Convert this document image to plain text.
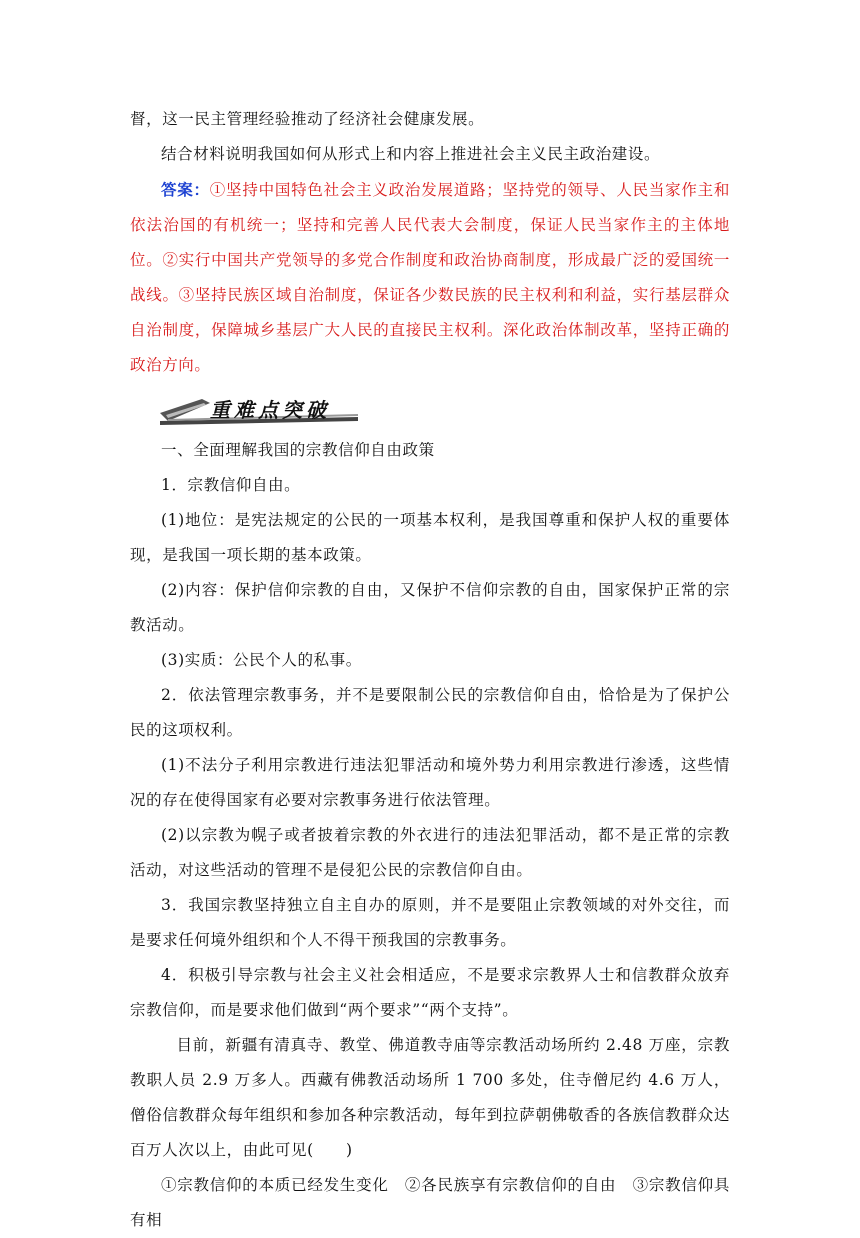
督，这一民主管理经验推动了经济社会健康发展。

结合材料说明我国如何从形式上和内容上推进社会主义民主政治建设。

答案：①坚持中国特色社会主义政治发展道路；坚持党的领导、人民当家作主和依法治国的有机统一；坚持和完善人民代表大会制度，保证人民当家作主的主体地位。②实行中国共产党领导的多党合作制度和政治协商制度，形成最广泛的爱国统一战线。③坚持民族区域自治制度，保证各少数民族的民主权利和利益，实行基层群众自治制度，保障城乡基层广大人民的直接民主权利。深化政治体制改革，坚持正确的政治方向。

重难点突破

一、全面理解我国的宗教信仰自由政策

1．宗教信仰自由。

(1)地位：是宪法规定的公民的一项基本权利，是我国尊重和保护人权的重要体现，是我国一项长期的基本政策。

(2)内容：保护信仰宗教的自由，又保护不信仰宗教的自由，国家保护正常的宗教活动。

(3)实质：公民个人的私事。

2．依法管理宗教事务，并不是要限制公民的宗教信仰自由，恰恰是为了保护公民的这项权利。

(1)不法分子利用宗教进行违法犯罪活动和境外势力利用宗教进行渗透，这些情况的存在使得国家有必要对宗教事务进行依法管理。

(2)以宗教为幌子或者披着宗教的外衣进行的违法犯罪活动，都不是正常的宗教活动，对这些活动的管理不是侵犯公民的宗教信仰自由。

3．我国宗教坚持独立自主自办的原则，并不是要阻止宗教领域的对外交往，而是要求任何境外组织和个人不得干预我国的宗教事务。

4．积极引导宗教与社会主义社会相适应，不是要求宗教界人士和信教群众放弃宗教信仰，而是要求他们做到“两个要求”“两个支持”。

目前，新疆有清真寺、教堂、佛道教寺庙等宗教活动场所约 2.48 万座，宗教教职人员 2.9 万多人。西藏有佛教活动场所 1 700 多处，住寺僧尼约 4.6 万人，僧俗信教群众每年组织和参加各种宗教活动，每年到拉萨朝佛敬香的各族信教群众达百万人次以上，由此可见(　　)

①宗教信仰的本质已经发生变化　②各民族享有宗教信仰的自由　③宗教信仰具有相
